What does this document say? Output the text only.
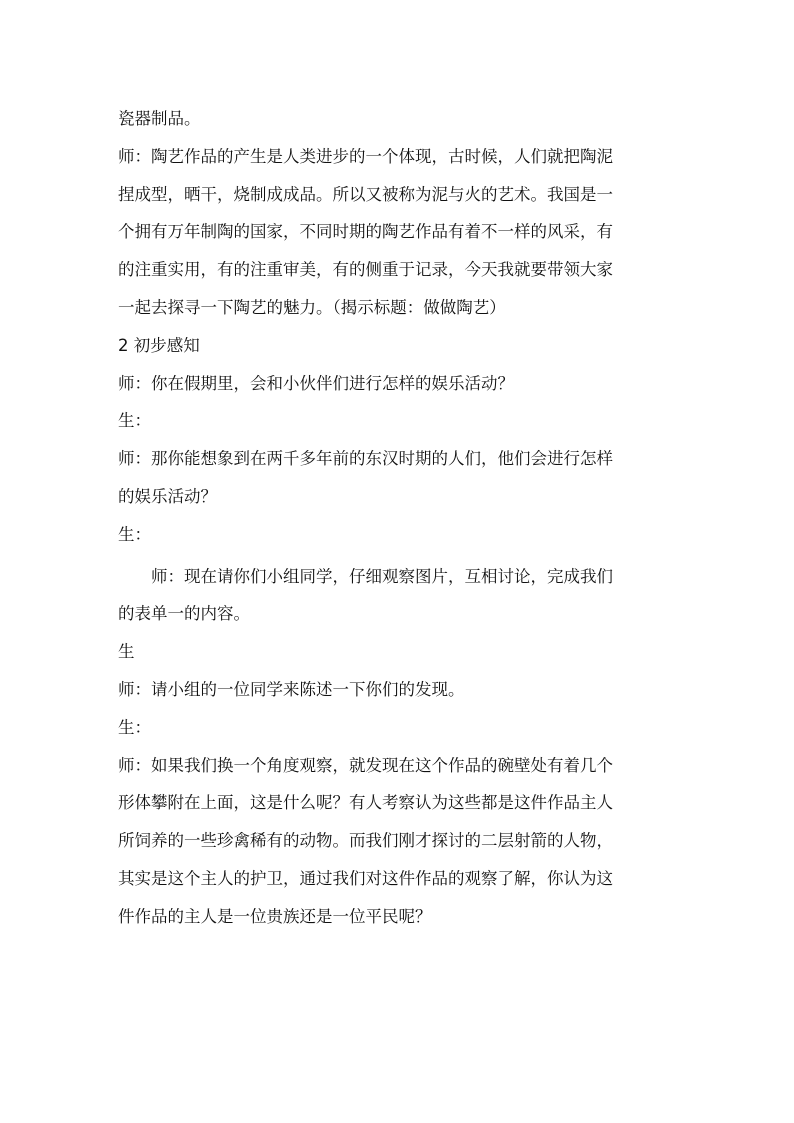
瓷器制品。

师：陶艺作品的产生是人类进步的一个体现，古时候，人们就把陶泥

捏成型，晒干，烧制成成品。所以又被称为泥与火的艺术。我国是一

个拥有万年制陶的国家，不同时期的陶艺作品有着不一样的风采，有

的注重实用，有的注重审美，有的侧重于记录，今天我就要带领大家

一起去探寻一下陶艺的魅力。（揭示标题：做做陶艺）

2 初步感知

师：你在假期里，会和小伙伴们进行怎样的娱乐活动？

生：

师：那你能想象到在两千多年前的东汉时期的人们，他们会进行怎样

的娱乐活动？

生：

师：现在请你们小组同学，仔细观察图片，互相讨论，完成我们

的表单一的内容。

生

师：请小组的一位同学来陈述一下你们的发现。

生：

师：如果我们换一个角度观察，就发现在这个作品的碗壁处有着几个

形体攀附在上面，这是什么呢？有人考察认为这些都是这件作品主人

所饲养的一些珍禽稀有的动物。而我们刚才探讨的二层射箭的人物，

其实是这个主人的护卫，通过我们对这件作品的观察了解，你认为这

件作品的主人是一位贵族还是一位平民呢？
